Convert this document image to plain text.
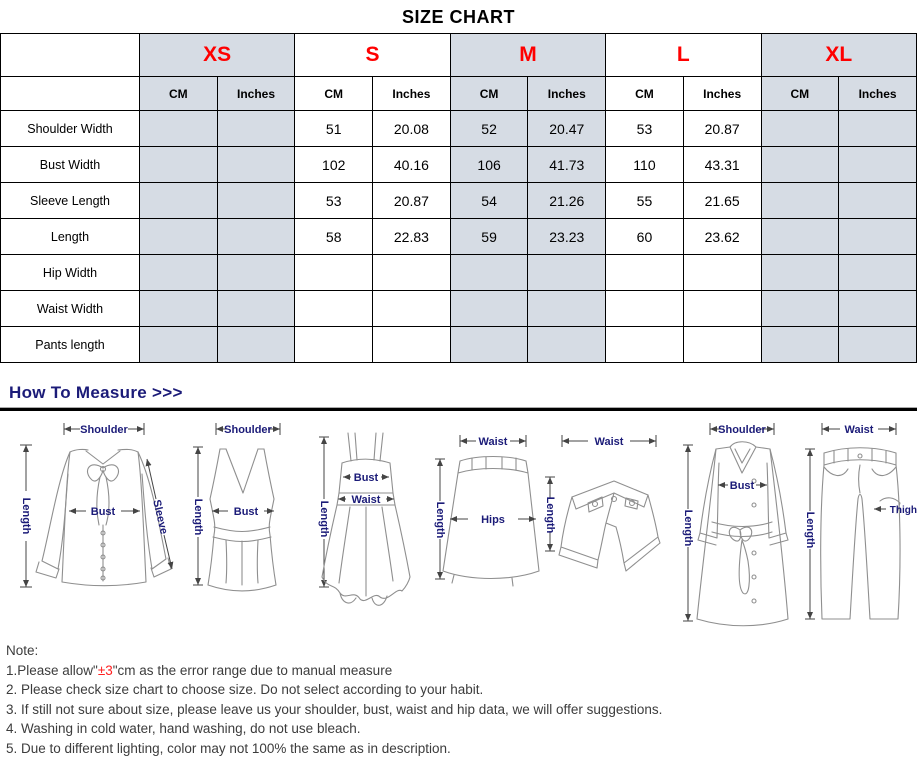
SIZE CHART
	XS		S		M		L		XL	
	CM	Inches	CM	Inches	CM	Inches	CM	Inches	CM	Inches
Shoulder Width			51	20.08	52	20.47	53	20.87		
Bust Width			102	40.16	106	41.73	110	43.31		
Sleeve Length			53	20.87	54	21.26	55	21.65		
Length			58	22.83	59	23.23	60	23.62		
Hip Width										
Waist Width										
Pants length										
How To Measure >>>
Shoulder
Length	Bust	Sleeve
Shoulder
Length	Bust	Length
Bust
Waist
Waist
Length	Hips
Waist
Length
Shoulder
Length
Bust
Waist
Length
Thigh
Note:
1.Please allow"±3"cm as the error range due to manual measure
2. Please check size chart to choose size. Do not select according to your habit.
3. If still not sure about size, please leave us your shoulder, bust, waist and hip data, we will offer suggestions.
4. Washing in cold water, hand washing, do not use bleach.
5. Due to different lighting, color may not 100% the same as in description.
